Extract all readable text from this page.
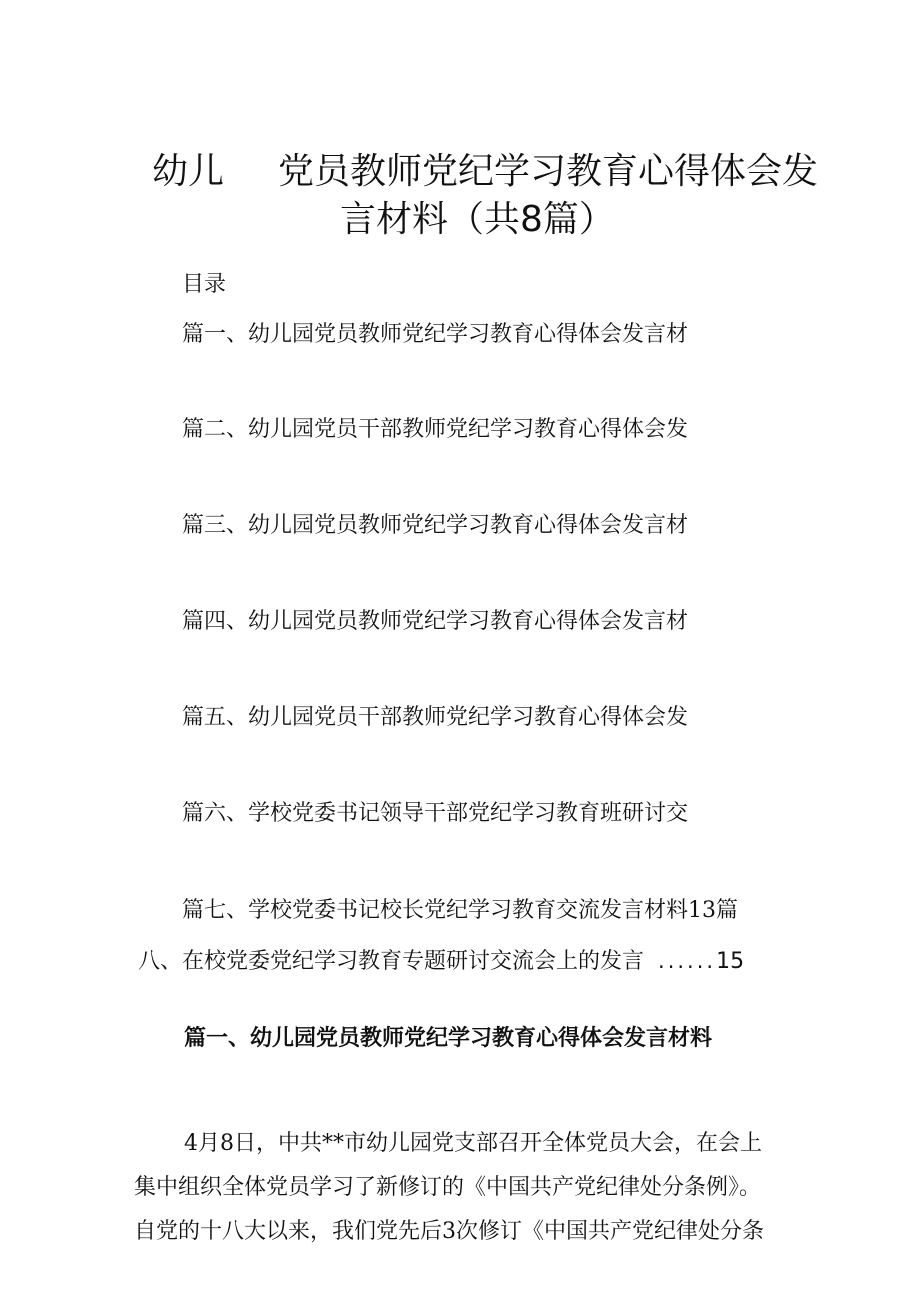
幼儿 党员教师党纪学习教育心得体会发
言材料（共8篇）
目录
篇一、幼儿园党员教师党纪学习教育心得体会发言材
篇二、幼儿园党员干部教师党纪学习教育心得体会发
篇三、幼儿园党员教师党纪学习教育心得体会发言材
篇四、幼儿园党员教师党纪学习教育心得体会发言材
篇五、幼儿园党员干部教师党纪学习教育心得体会发
篇六、学校党委书记领导干部党纪学习教育班研讨交
篇七、学校党委书记校长党纪学习教育交流发言材料13篇
八、在校党委党纪学习教育专题研讨交流会上的发言 ......15
篇一、幼儿园党员教师党纪学习教育心得体会发言材料
4月8日，中共**市幼儿园党支部召开全体党员大会，在会上
集中组织全体党员学习了新修订的《中国共产党纪律处分条例》。
自党的十八大以来，我们党先后3次修订《中国共产党纪律处分条
